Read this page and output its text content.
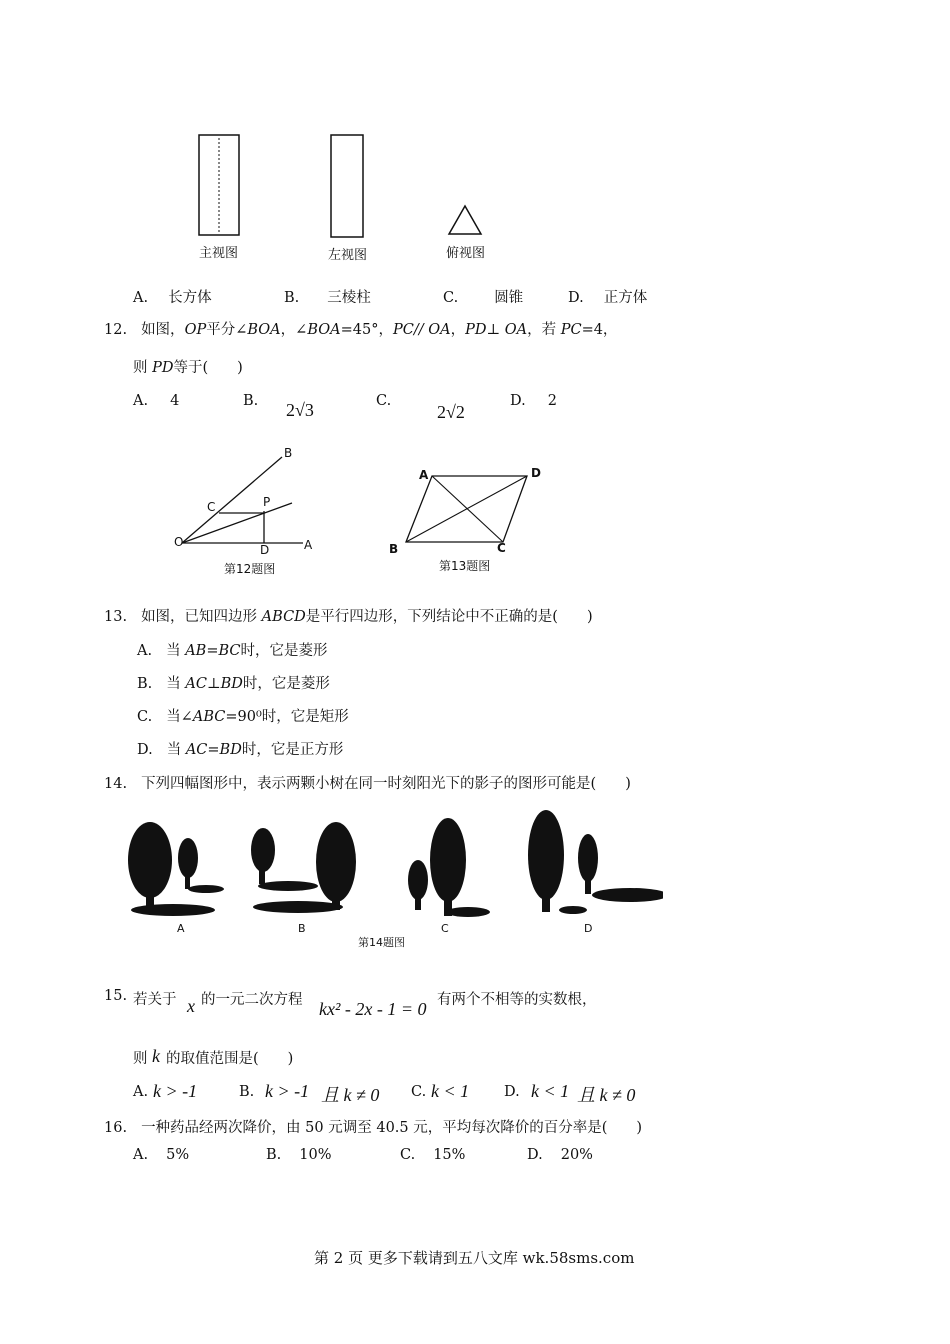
主视图	左视图	俯视图
A. 长方体	B. 三棱柱	C. 圆锥	D. 正方体
12. 如图，OP平分∠BOA，∠BOA=45°，PC// OA，PD⊥ OA，若 PC=4，
则 PD等于(　　)
A. 4	B. 2√3	C.
2√2
D. 2
B
C	P
O
D	A
第12题图
A	D
B	C
第13题图
13. 如图，已知四边形 ABCD是平行四边形，下列结论中不正确的是(　　)
A. 当 AB=BC时，它是菱形
B. 当 AC⊥BD时，它是菱形
C. 当∠ABC=90⁰时，它是矩形
D. 当 AC=BD时，它是正方形
14. 下列四幅图形中，表示两颗小树在同一时刻阳光下的影子的图形可能是(　　)
A	B	C	D
第14题图
15. 若关于 x 的一元二次方程 kx² - 2x - 1 = 0 有两个不相等的实数根，
则 k 的取值范围是(　　)
A. k > -1	B. k > -1 且 k ≠ 0 C. k < 1 D. k < 1 且 k ≠ 0
16. 一种药品经两次降价，由 50 元调至 40.5 元，平均每次降价的百分率是(　　)
A. 5%	B. 10%	C. 15%	D. 20%
第 2 页 更多下载请到五八文库 wk.58sms.com
